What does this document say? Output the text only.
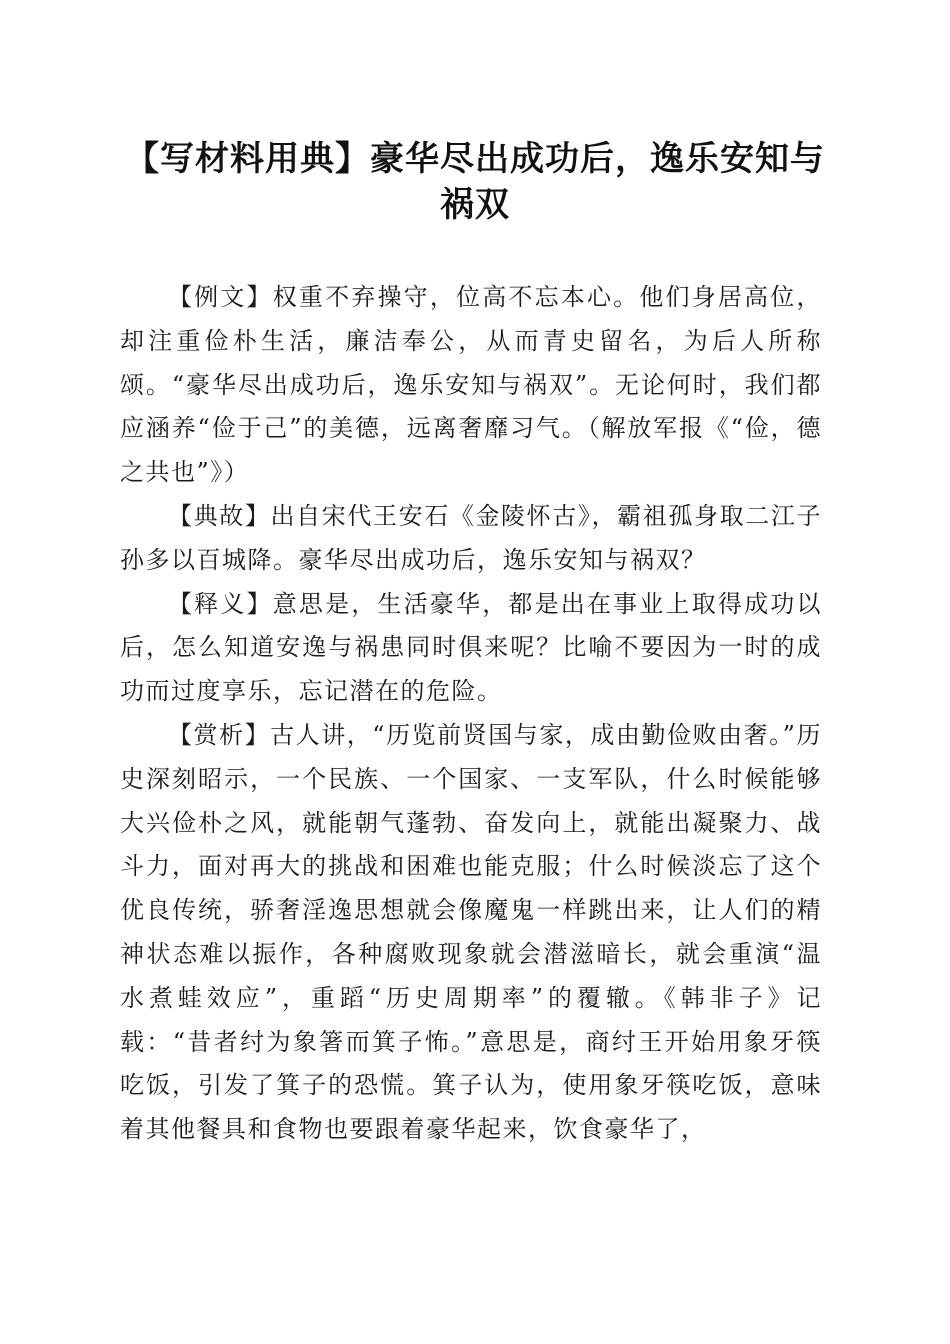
【写材料用典】豪华尽出成功后，逸乐安知与祸双

【例文】权重不弃操守，位高不忘本心。他们身居高位，却注重俭朴生活，廉洁奉公，从而青史留名，为后人所称颂。“豪华尽出成功后，逸乐安知与祸双”。无论何时，我们都应涵养“俭于己”的美德，远离奢靡习气。（解放军报《“俭，德之共也”》）

【典故】出自宋代王安石《金陵怀古》，霸祖孤身取二江子孙多以百城降。豪华尽出成功后，逸乐安知与祸双？

【释义】意思是，生活豪华，都是出在事业上取得成功以后，怎么知道安逸与祸患同时俱来呢？比喻不要因为一时的成功而过度享乐，忘记潜在的危险。

【赏析】古人讲，“历览前贤国与家，成由勤俭败由奢。”历史深刻昭示，一个民族、一个国家、一支军队，什么时候能够大兴俭朴之风，就能朝气蓬勃、奋发向上，就能出凝聚力、战斗力，面对再大的挑战和困难也能克服；什么时候淡忘了这个优良传统，骄奢淫逸思想就会像魔鬼一样跳出来，让人们的精神状态难以振作，各种腐败现象就会潜滋暗长，就会重演“温水煮蛙效应”，重蹈“历史周期率”的覆辙。《韩非子》记载：“昔者纣为象箸而箕子怖。”意思是，商纣王开始用象牙筷吃饭，引发了箕子的恐慌。箕子认为，使用象牙筷吃饭，意味着其他餐具和食物也要跟着豪华起来，饮食豪华了，
